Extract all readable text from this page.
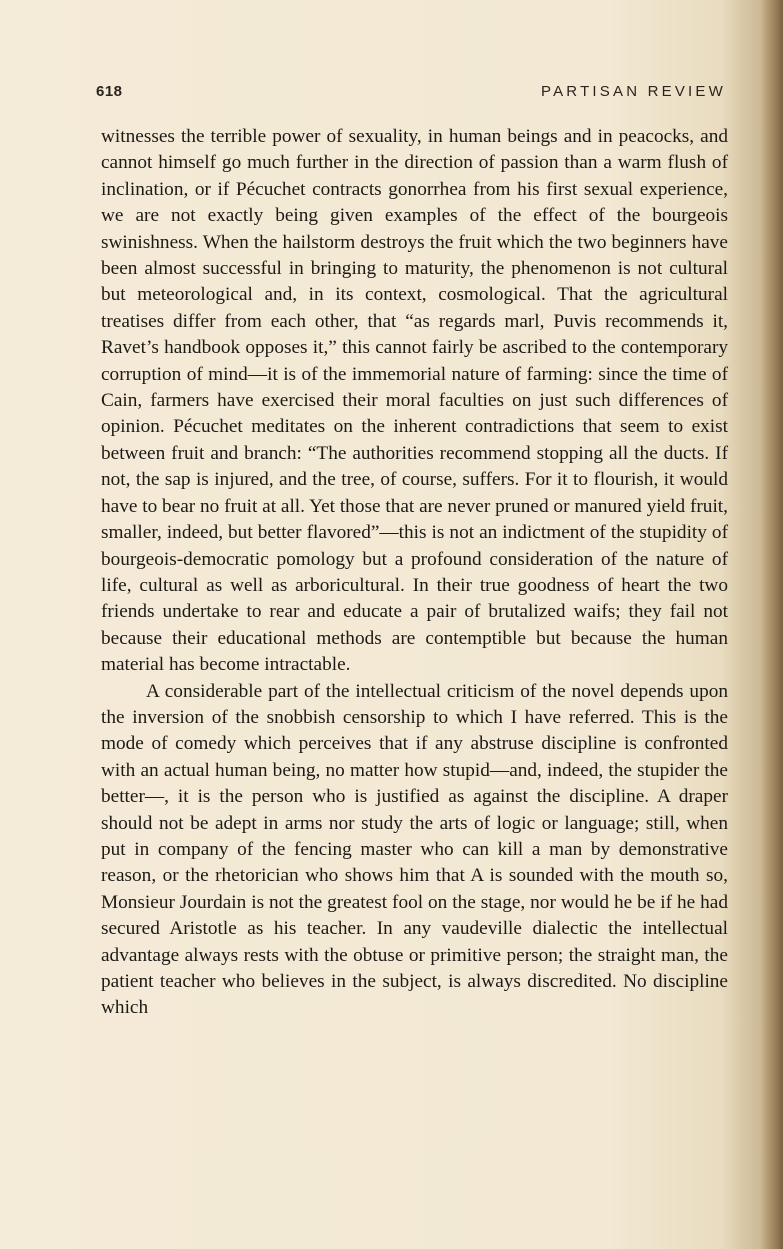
618	PARTISAN REVIEW

witnesses the terrible power of sexuality, in human beings and in peacocks, and cannot himself go much further in the direction of passion than a warm flush of inclination, or if Pécuchet contracts gonorrhea from his first sexual experience, we are not exactly being given examples of the effect of the bourgeois swinishness. When the hailstorm destroys the fruit which the two beginners have been almost successful in bringing to maturity, the phenomenon is not cultural but meteorological and, in its context, cosmological. That the agricultural treatises differ from each other, that “as regards marl, Puvis recommends it, Ravet’s handbook opposes it,” this cannot fairly be ascribed to the contemporary corruption of mind—it is of the immemorial nature of farming: since the time of Cain, farmers have exercised their moral faculties on just such differences of opinion. Pécuchet meditates on the inherent contradictions that seem to exist between fruit and branch: “The authorities recommend stopping all the ducts. If not, the sap is injured, and the tree, of course, suffers. For it to flourish, it would have to bear no fruit at all. Yet those that are never pruned or manured yield fruit, smaller, indeed, but better flavored”—this is not an indictment of the stupidity of bourgeois-democratic pomology but a profound consideration of the nature of life, cultural as well as arboricultural. In their true goodness of heart the two friends undertake to rear and educate a pair of brutalized waifs; they fail not because their educational methods are contemptible but because the human material has become intractable.

A considerable part of the intellectual criticism of the novel depends upon the inversion of the snobbish censorship to which I have referred. This is the mode of comedy which perceives that if any abstruse discipline is confronted with an actual human being, no matter how stupid—and, indeed, the stupider the better—, it is the person who is justified as against the discipline. A draper should not be adept in arms nor study the arts of logic or language; still, when put in company of the fencing master who can kill a man by demonstrative reason, or the rhetorician who shows him that A is sounded with the mouth so, Monsieur Jourdain is not the greatest fool on the stage, nor would he be if he had secured Aristotle as his teacher. In any vaudeville dialectic the intellectual advantage always rests with the obtuse or primitive person; the straight man, the patient teacher who believes in the subject, is always discredited. No discipline which
